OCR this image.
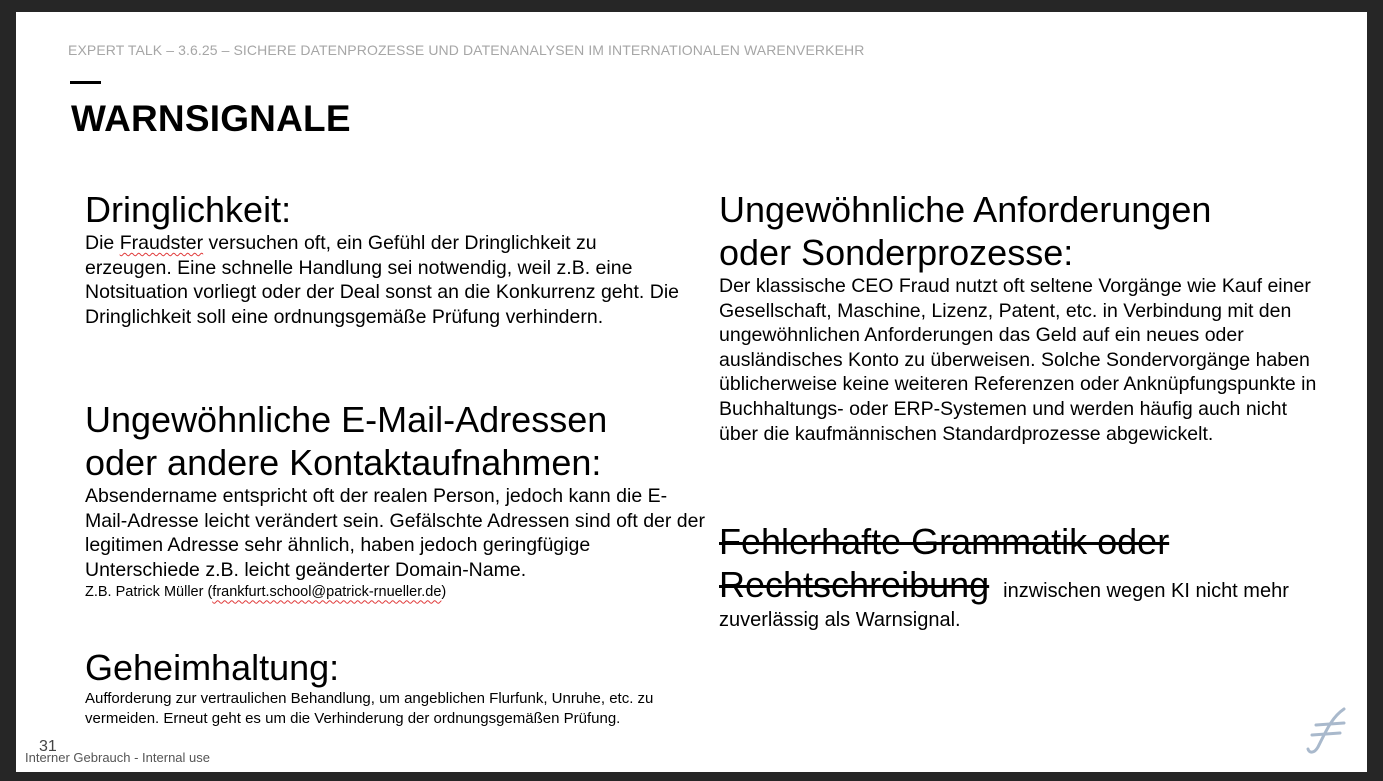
EXPERT TALK – 3.6.25 – SICHERE DATENPROZESSE UND DATENANALYSEN IM INTERNATIONALEN WARENVERKEHR
WARNSIGNALE
Dringlichkeit:

Die Fraudster versuchen oft, ein Gefühl der Dringlichkeit zu erzeugen. Eine schnelle Handlung sei notwendig, weil z.B. eine Notsituation vorliegt oder der Deal sonst an die Konkurrenz geht. Die Dringlichkeit soll eine ordnungsgemäße Prüfung verhindern.

Ungewöhnliche E-Mail-Adressen
oder andere Kontaktaufnahmen:

Absendername entspricht oft der realen Person, jedoch kann die E-Mail-Adresse leicht verändert sein. Gefälschte Adressen sind oft der der legitimen Adresse sehr ähnlich, haben jedoch geringfügige Unterschiede z.B. leicht geänderter Domain-Name.

Z.B. Patrick Müller (frankfurt.school@patrick-rnueller.de)

Geheimhaltung:

Aufforderung zur vertraulichen Behandlung, um angeblichen Flurfunk, Unruhe, etc. zu vermeiden. Erneut geht es um die Verhinderung der ordnungsgemäßen Prüfung.

Ungewöhnliche Anforderungen
oder Sonderprozesse:

Der klassische CEO Fraud nutzt oft seltene Vorgänge wie Kauf einer Gesellschaft, Maschine, Lizenz, Patent, etc. in Verbindung mit den ungewöhnlichen Anforderungen das Geld auf ein neues oder ausländisches Konto zu überweisen. Solche Sondervorgänge haben üblicherweise keine weiteren Referenzen oder Anknüpfungspunkte in Buchhaltungs- oder ERP-Systemen und werden häufig auch nicht über die kaufmännischen Standardprozesse abgewickelt.

Fehlerhafte Grammatik oder
Rechtschreibung inzwischen wegen KI nicht mehr
zuverlässig als Warnsignal.
31
Interner Gebrauch - Internal use
